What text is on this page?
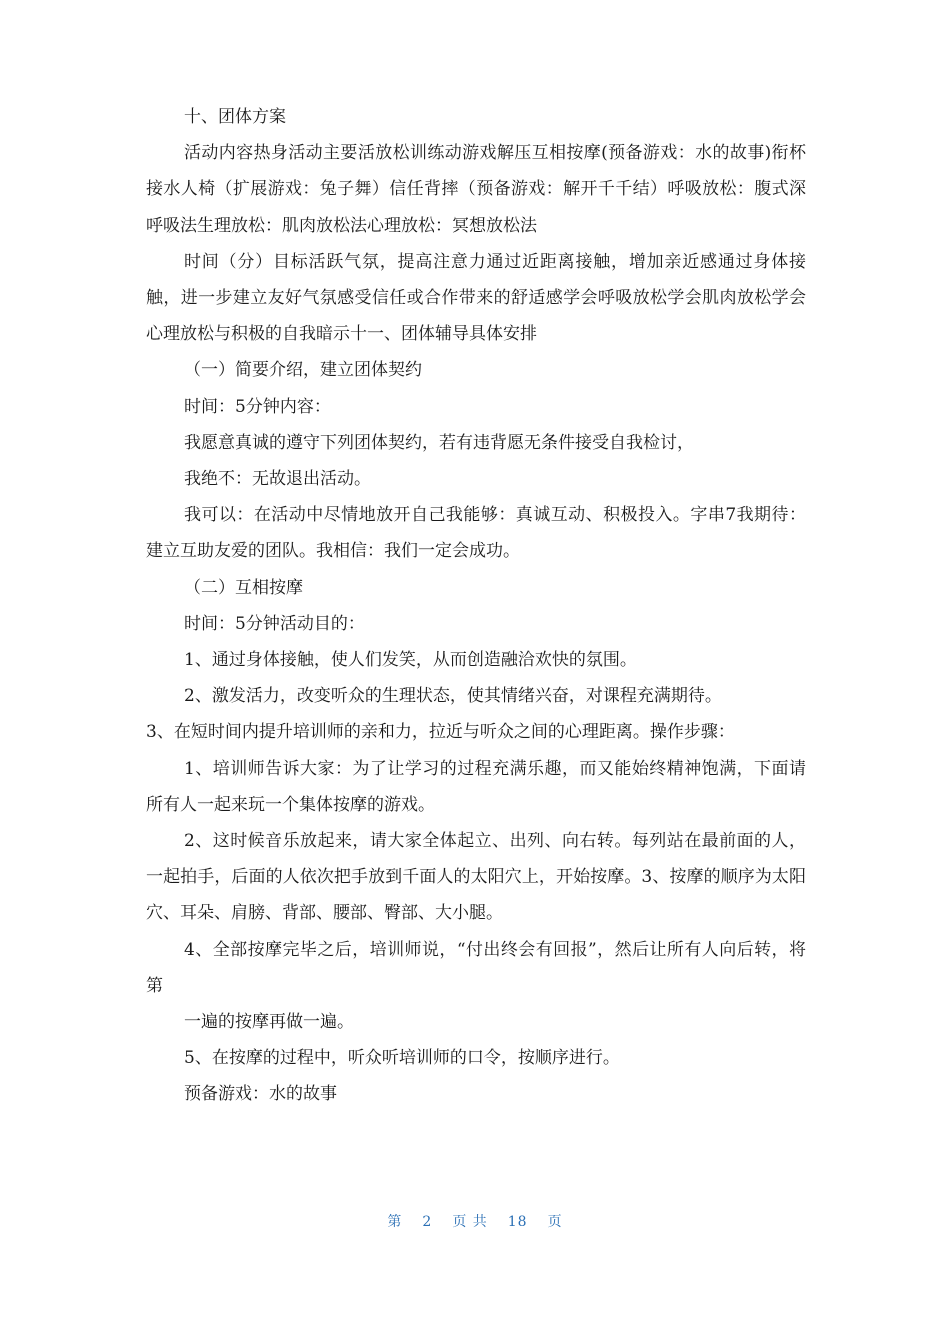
十、团体方案

活动内容热身活动主要活放松训练动游戏解压互相按摩(预备游戏：水的故事)衔杯接水人椅（扩展游戏：兔子舞）信任背摔（预备游戏：解开千千结）呼吸放松：腹式深呼吸法生理放松：肌肉放松法心理放松：冥想放松法

时间（分）目标活跃气氛，提高注意力通过近距离接触，增加亲近感通过身体接触，进一步建立友好气氛感受信任或合作带来的舒适感学会呼吸放松学会肌肉放松学会心理放松与积极的自我暗示十一、团体辅导具体安排

（一）简要介绍，建立团体契约

时间：5分钟内容：

我愿意真诚的遵守下列团体契约，若有违背愿无条件接受自我检讨，

我绝不：无故退出活动。

我可以：在活动中尽情地放开自己我能够：真诚互动、积极投入。字串7我期待：建立互助友爱的团队。我相信：我们一定会成功。

（二）互相按摩

时间：5分钟活动目的：

1、通过身体接触，使人们发笑，从而创造融洽欢快的氛围。

2、激发活力，改变听众的生理状态，使其情绪兴奋，对课程充满期待。

3、在短时间内提升培训师的亲和力，拉近与听众之间的心理距离。操作步骤：

1、培训师告诉大家：为了让学习的过程充满乐趣，而又能始终精神饱满，下面请所有人一起来玩一个集体按摩的游戏。

2、这时候音乐放起来，请大家全体起立、出列、向右转。每列站在最前面的人，一起拍手，后面的人依次把手放到千面人的太阳穴上，开始按摩。3、按摩的顺序为太阳穴、耳朵、肩膀、背部、腰部、臀部、大小腿。

4、全部按摩完毕之后，培训师说，“付出终会有回报”，然后让所有人向后转，将第

一遍的按摩再做一遍。

5、在按摩的过程中，听众听培训师的口令，按顺序进行。

预备游戏：水的故事

第 2 页 共 18 页
